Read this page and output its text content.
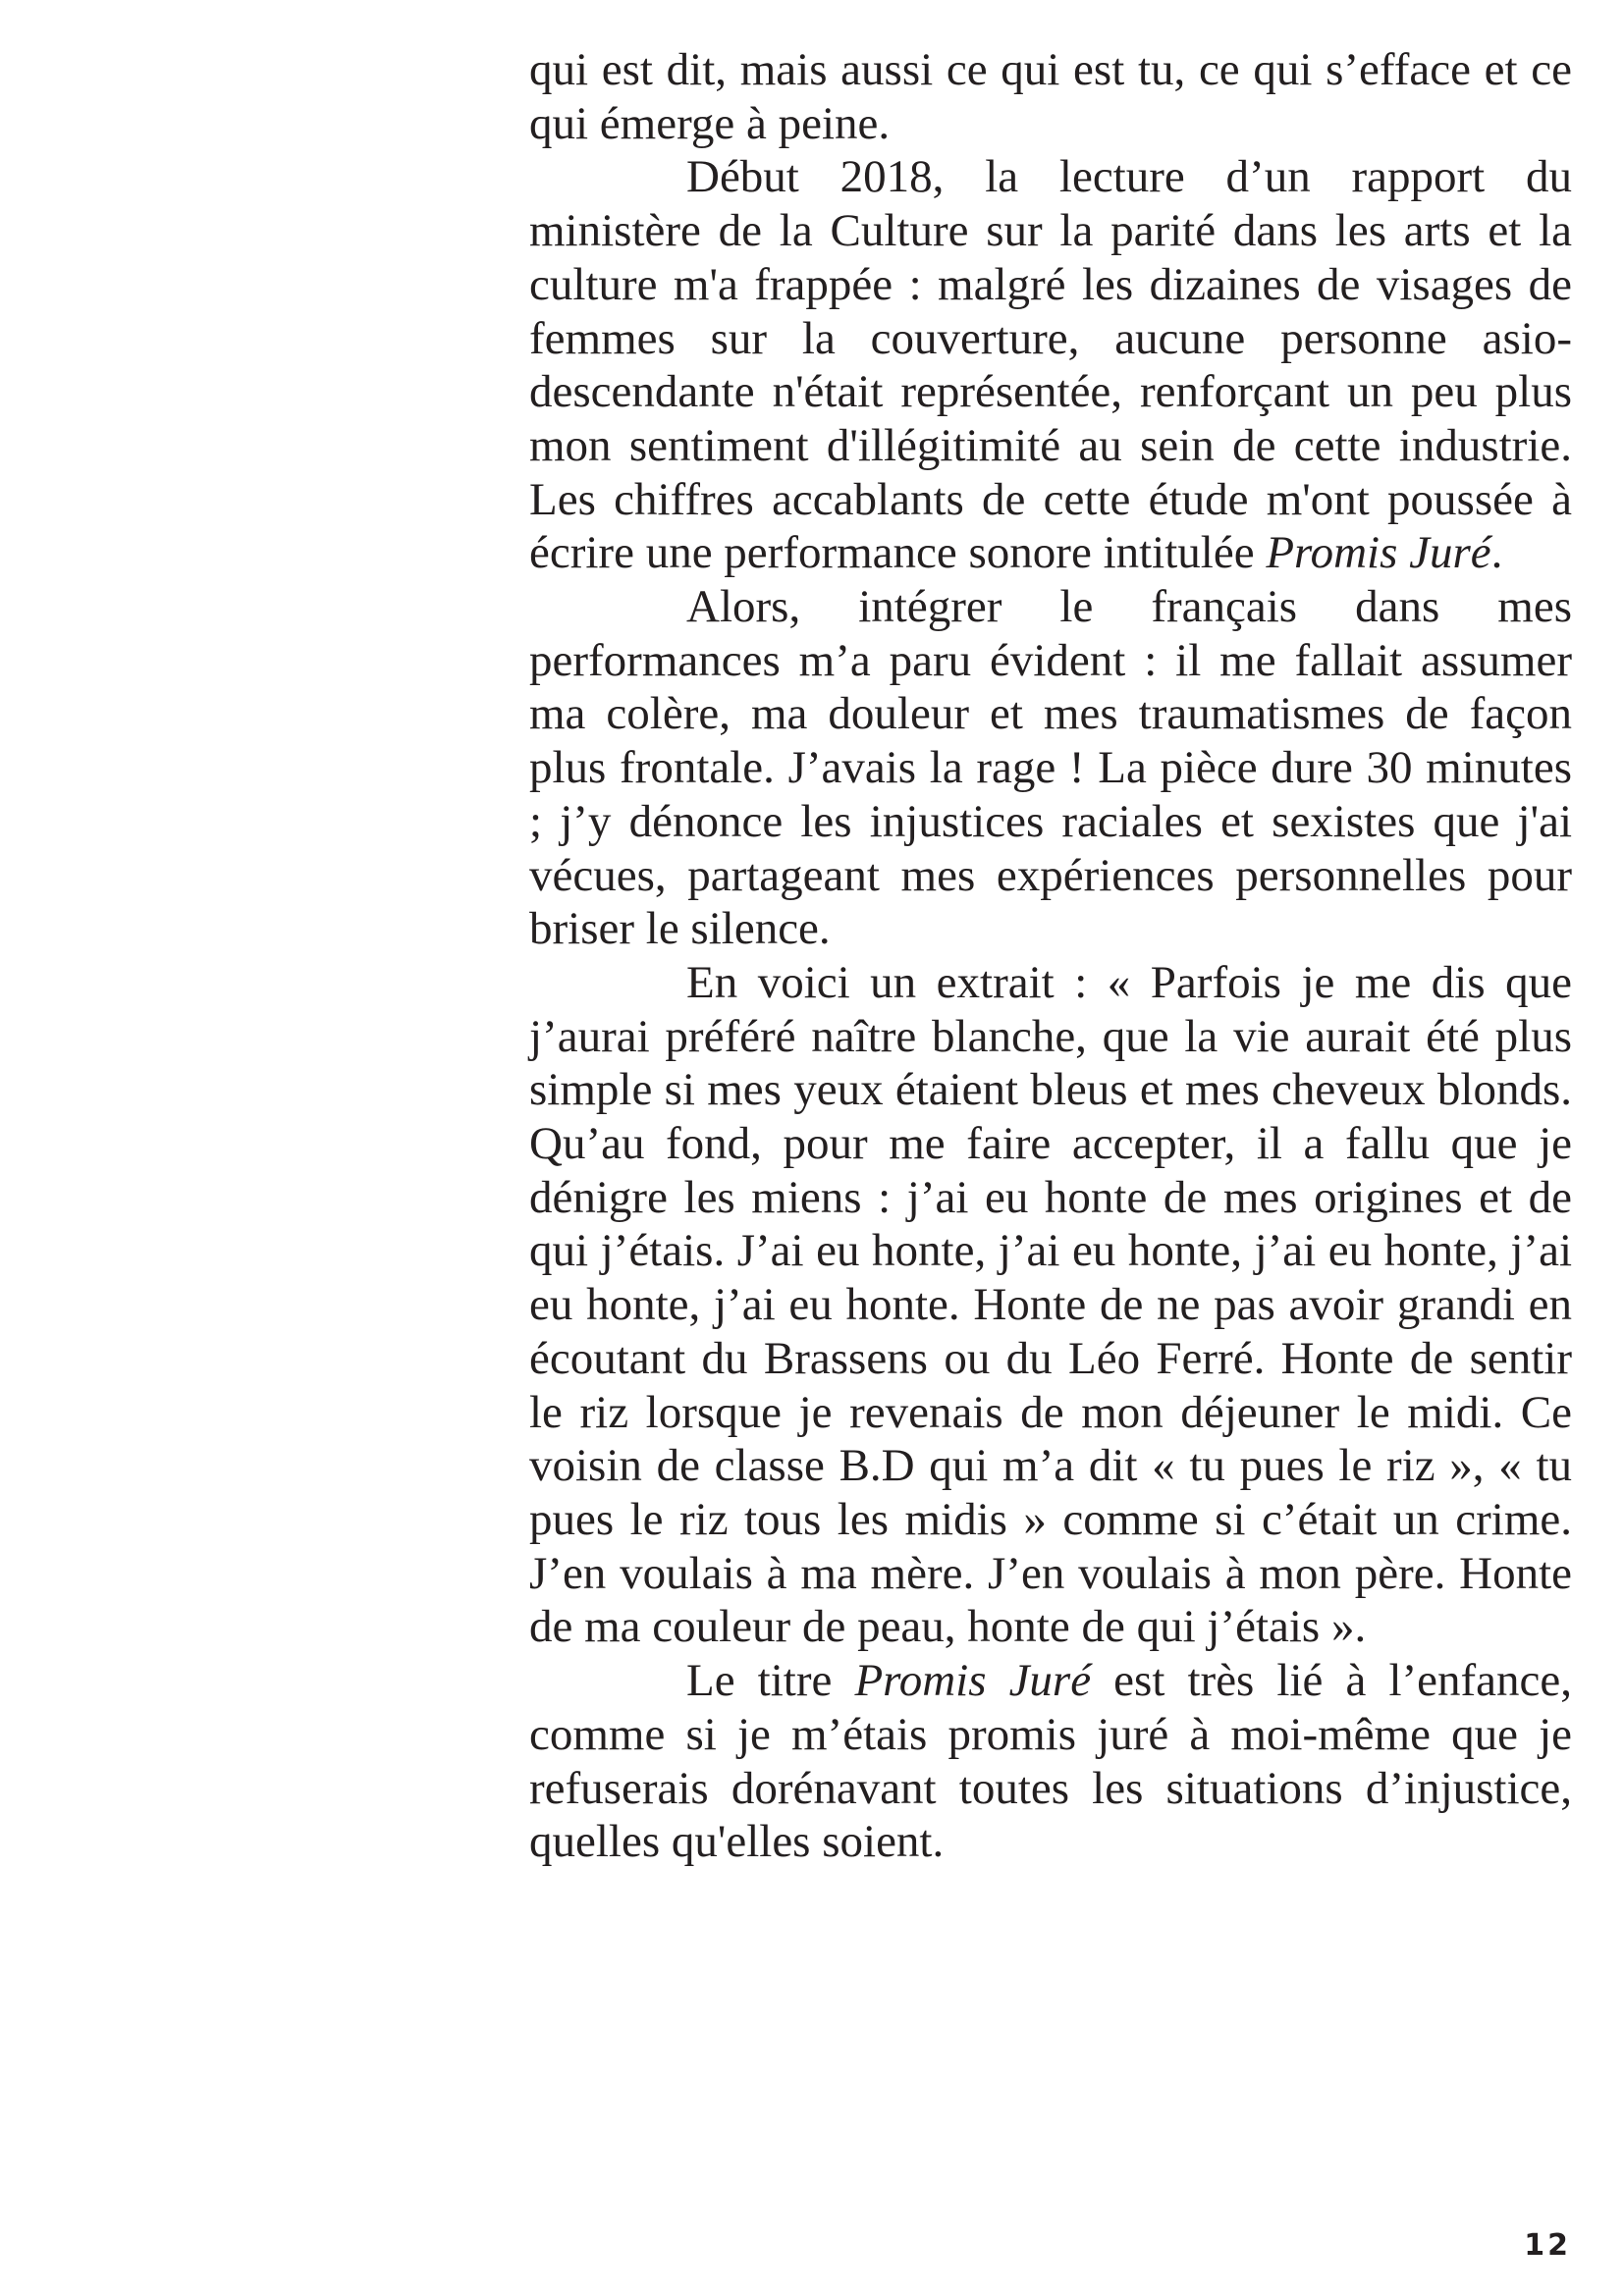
qui est dit, mais aussi ce qui est tu, ce qui s’efface et ce qui émerge à peine.

Début 2018, la lecture d’un rapport du ministère de la Culture sur la parité dans les arts et la culture m'a frappée : malgré les dizaines de visages de femmes sur la couverture, aucune personne asio-descendante n'était représentée, renforçant un peu plus mon sentiment d'illégitimité au sein de cette industrie. Les chiffres accablants de cette étude m'ont poussée à écrire une performance sonore intitulée Promis Juré.

Alors, intégrer le français dans mes performances m’a paru évident : il me fallait assumer ma colère, ma douleur et mes traumatismes de façon plus frontale. J’avais la rage ! La pièce dure 30 minutes ; j’y dénonce les injustices raciales et sexistes que j'ai vécues, partageant mes expériences personnelles pour briser le silence.

En voici un extrait : « Parfois je me dis que j’aurai préféré naître blanche, que la vie aurait été plus simple si mes yeux étaient bleus et mes cheveux blonds. Qu’au fond, pour me faire accepter, il a fallu que je dénigre les miens : j’ai eu honte de mes origines et de qui j’étais. J’ai eu honte, j’ai eu honte, j’ai eu honte, j’ai eu honte, j’ai eu honte. Honte de ne pas avoir grandi en écoutant du Brassens ou du Léo Ferré. Honte de sentir le riz lorsque je revenais de mon déjeuner le midi. Ce voisin de classe B.D qui m’a dit « tu pues le riz », « tu pues le riz tous les midis » comme si c’était un crime. J’en voulais à ma mère. J’en voulais à mon père. Honte de ma couleur de peau, honte de qui j’étais ».

Le titre Promis Juré est très lié à l’enfance, comme si je m’étais promis juré à moi-même que je refuserais dorénavant toutes les situations d’injustice, quelles qu'elles soient.

12
